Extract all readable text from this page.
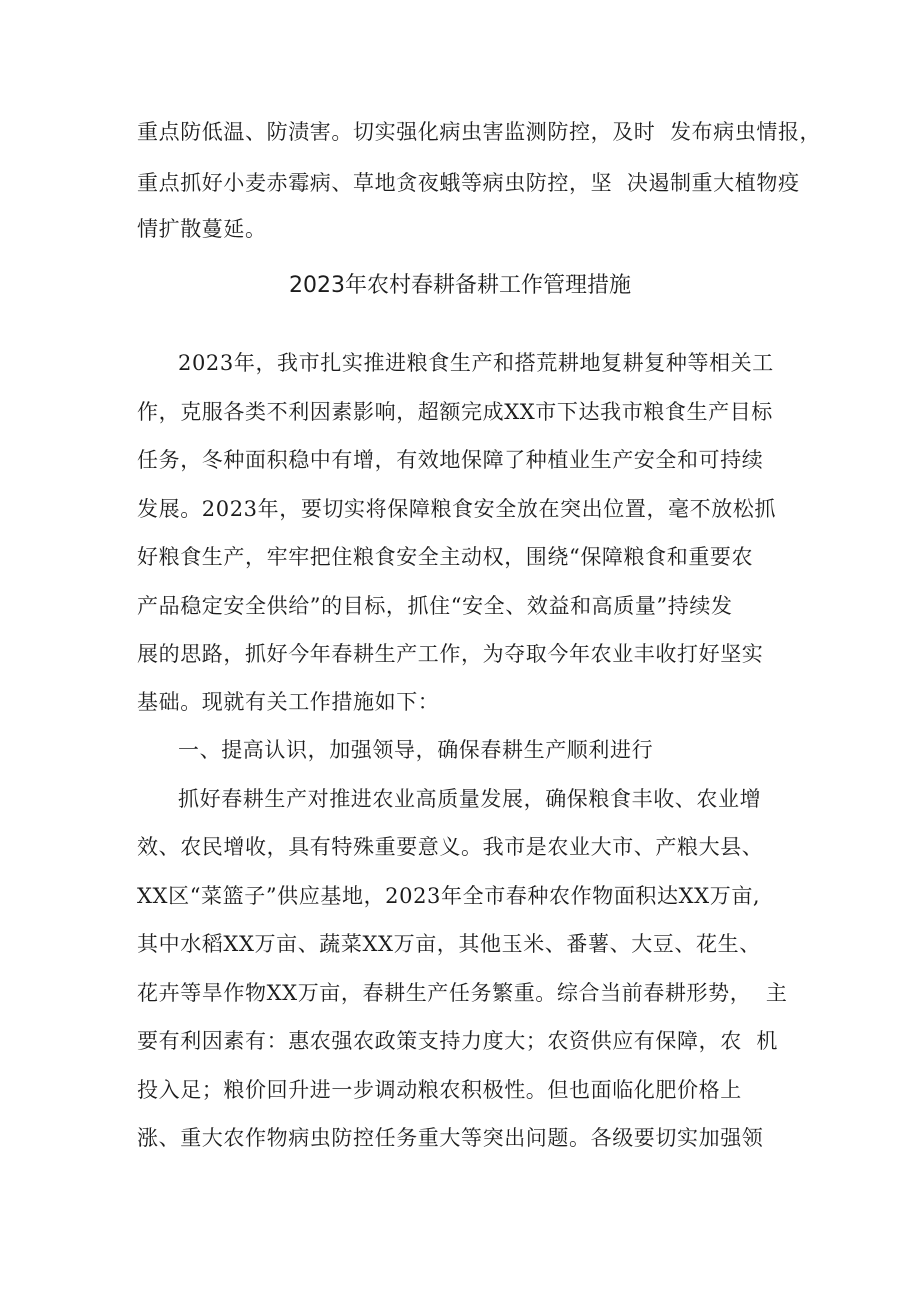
重点防低温、防渍害。切实强化病虫害监测防控，及时  发布病虫情报，
重点抓好小麦赤霉病、草地贪夜蛾等病虫防控，坚  决遏制重大植物疫
情扩散蔓延。
2023年农村春耕备耕工作管理措施
2023年，我市扎实推进粮食生产和搭荒耕地复耕复种等相关工
作，克服各类不利因素影响，超额完成XX市下达我市粮食生产目标
任务，冬种面积稳中有增，有效地保障了种植业生产安全和可持续
发展。2023年，要切实将保障粮食安全放在突出位置，毫不放松抓
好粮食生产，牢牢把住粮食安全主动权，围绕“保障粮食和重要农
产品稳定安全供给”的目标，抓住“安全、效益和高质量”持续发
展的思路，抓好今年春耕生产工作，为夺取今年农业丰收打好坚实
基础。现就有关工作措施如下：
一、提高认识，加强领导，确保春耕生产顺利进行
抓好春耕生产对推进农业高质量发展，确保粮食丰收、农业增
效、农民增收，具有特殊重要意义。我市是农业大市、产粮大县、
XX区“菜篮子”供应基地，2023年全市春种农作物面积达XX万亩,
其中水稻XX万亩、蔬菜XX万亩，其他玉米、番薯、大豆、花生、
花卉等旱作物XX万亩，春耕生产任务繁重。综合当前春耕形势，  主
要有利因素有：惠农强农政策支持力度大；农资供应有保障，农  机
投入足；粮价回升进一步调动粮农积极性。但也面临化肥价格上
涨、重大农作物病虫防控任务重大等突出问题。各级要切实加强领
